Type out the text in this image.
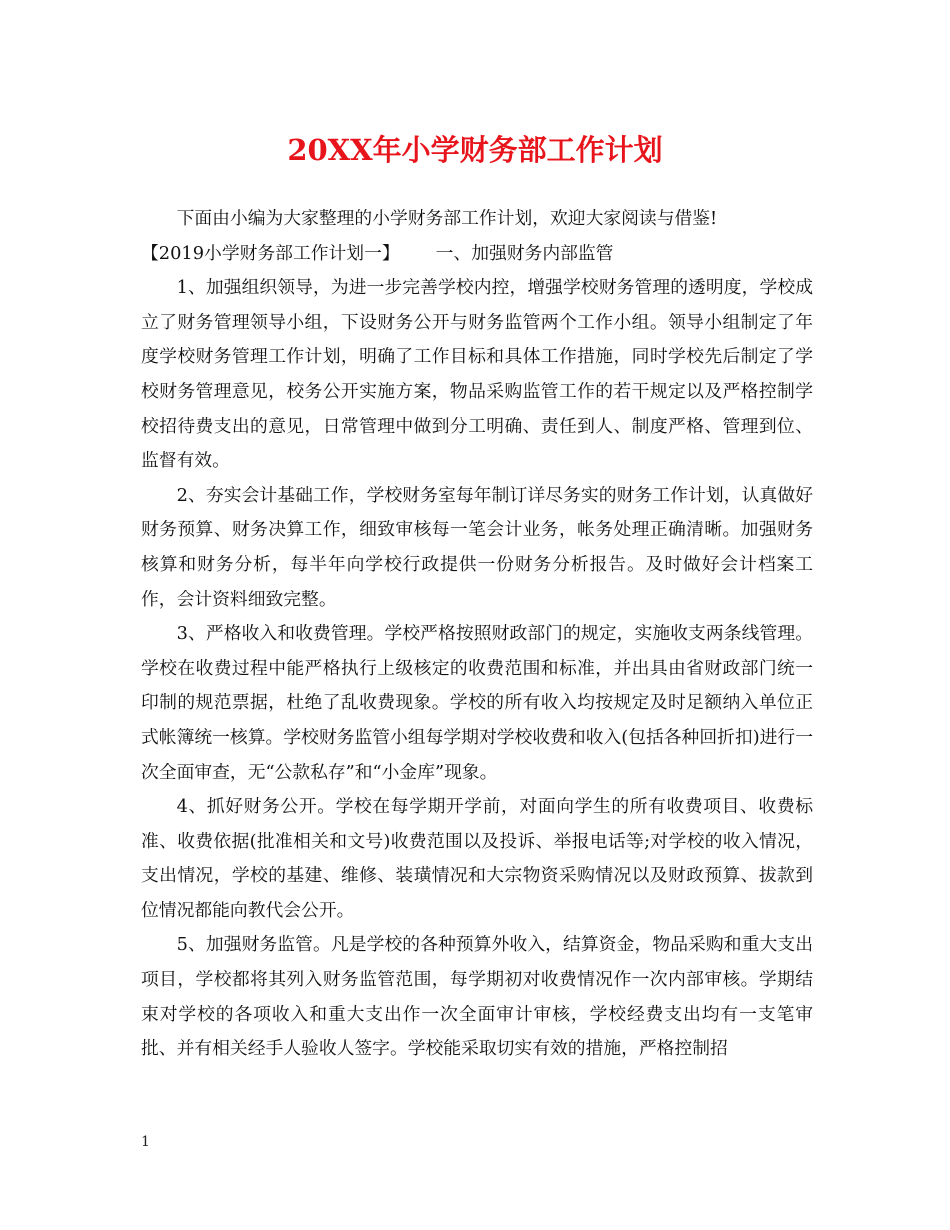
20XX年小学财务部工作计划

下面由小编为大家整理的小学财务部工作计划，欢迎大家阅读与借鉴!

【2019小学财务部工作计划一】 一、加强财务内部监管

1、加强组织领导，为进一步完善学校内控，增强学校财务管理的透明度，学校成立了财务管理领导小组，下设财务公开与财务监管两个工作小组。领导小组制定了年度学校财务管理工作计划，明确了工作目标和具体工作措施，同时学校先后制定了学校财务管理意见，校务公开实施方案，物品采购监管工作的若干规定以及严格控制学校招待费支出的意见，日常管理中做到分工明确、责任到人、制度严格、管理到位、监督有效。

2、夯实会计基础工作，学校财务室每年制订详尽务实的财务工作计划，认真做好财务预算、财务决算工作，细致审核每一笔会计业务，帐务处理正确清晰。加强财务核算和财务分析，每半年向学校行政提供一份财务分析报告。及时做好会计档案工作，会计资料细致完整。

3、严格收入和收费管理。学校严格按照财政部门的规定，实施收支两条线管理。学校在收费过程中能严格执行上级核定的收费范围和标准，并出具由省财政部门统一印制的规范票据，杜绝了乱收费现象。学校的所有收入均按规定及时足额纳入单位正式帐簿统一核算。学校财务监管小组每学期对学校收费和收入(包括各种回折扣)进行一次全面审查，无“公款私存”和“小金库”现象。

4、抓好财务公开。学校在每学期开学前，对面向学生的所有收费项目、收费标准、收费依据(批准相关和文号)收费范围以及投诉、举报电话等;对学校的收入情况，支出情况，学校的基建、维修、装璜情况和大宗物资采购情况以及财政预算、拔款到位情况都能向教代会公开。

5、加强财务监管。凡是学校的各种预算外收入，结算资金，物品采购和重大支出项目，学校都将其列入财务监管范围，每学期初对收费情况作一次内部审核。学期结束对学校的各项收入和重大支出作一次全面审计审核，学校经费支出均有一支笔审批、并有相关经手人验收人签字。学校能采取切实有效的措施，严格控制招

1
